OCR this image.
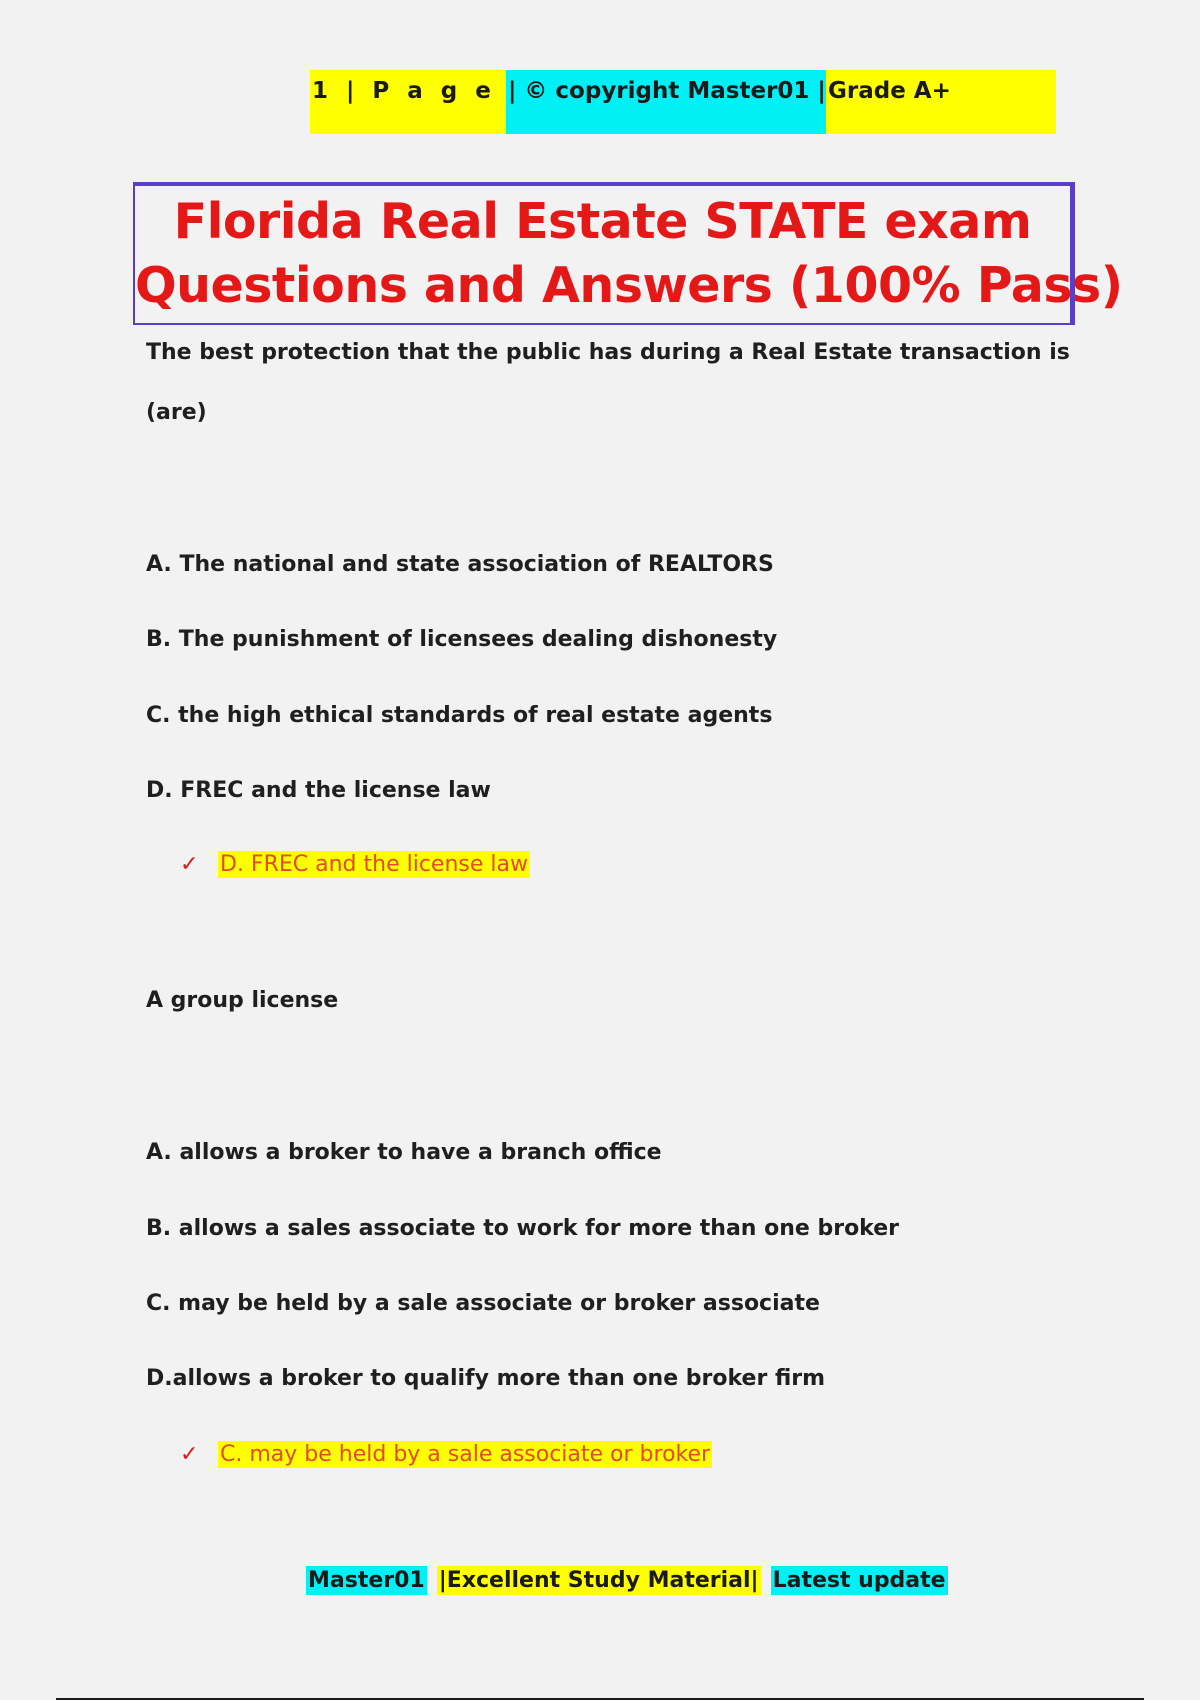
1 | P a g e | © copyright Master01 | Grade A+
Florida Real Estate STATE exam
Questions and Answers (100% Pass)
The best protection that the public has during a Real Estate transaction is
(are)
A. The national and state association of REALTORS
B. The punishment of licensees dealing dishonesty
C. the high ethical standards of real estate agents
D. FREC and the license law
✓ D. FREC and the license law
A group license
A. allows a broker to have a branch office
B. allows a sales associate to work for more than one broker
C. may be held by a sale associate or broker associate
D.allows a broker to qualify more than one broker firm
✓ C. may be held by a sale associate or broker
Master01 |Excellent Study Material| Latest update
